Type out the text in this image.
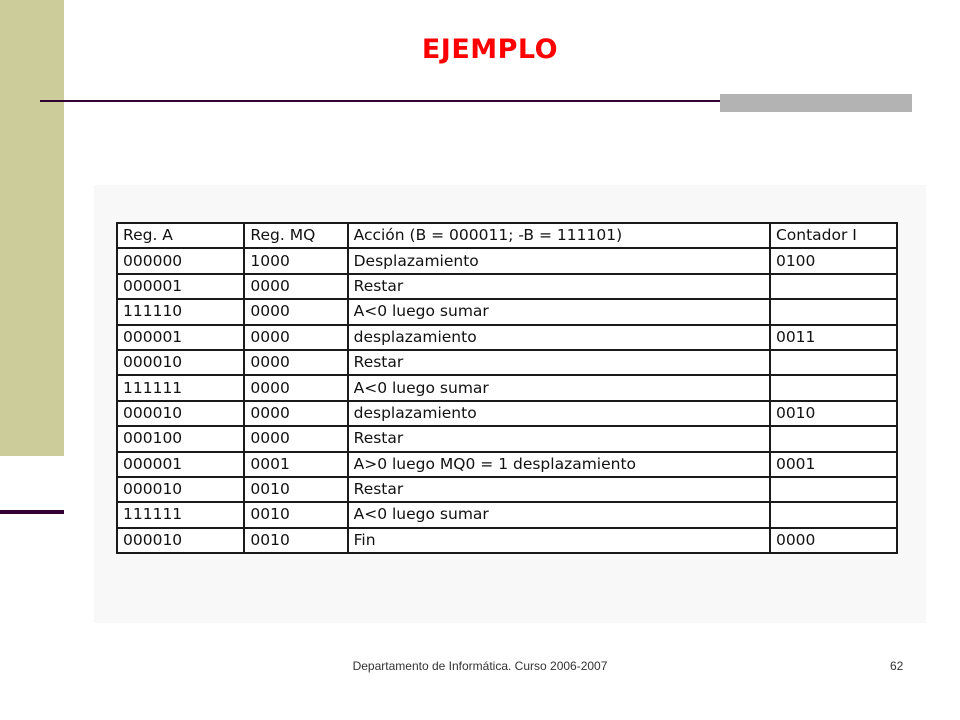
EJEMPLO
Reg. A	Reg. MQ	Acción (B = 000011; -B = 111101)	Contador I
000000	1000	Desplazamiento	0100
000001	0000	Restar	
111110	0000	A<0 luego sumar	
000001	0000	desplazamiento	0011
000010	0000	Restar	
111111	0000	A<0 luego sumar	
000010	0000	desplazamiento	0010
000100	0000	Restar	
000001	0001	A>0 luego MQ0 = 1 desplazamiento	0001
000010	0010	Restar	
111111	0010	A<0 luego sumar	
000010	0010	Fin	0000
Departamento de Informática. Curso 2006-2007	62
